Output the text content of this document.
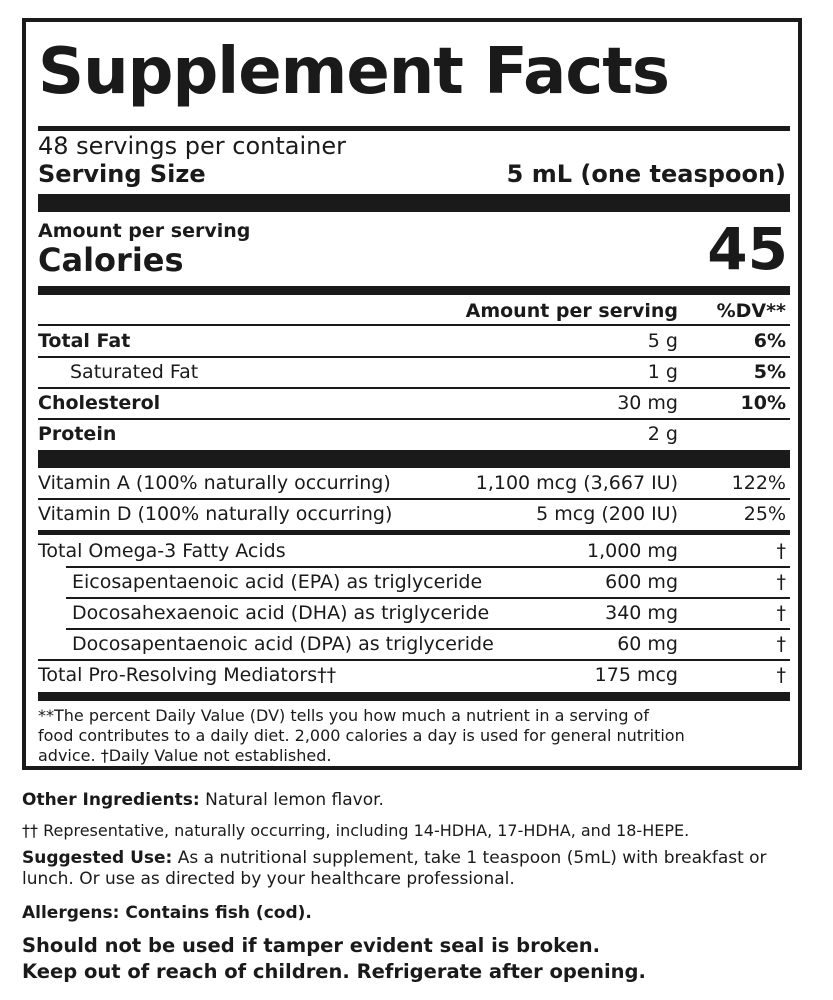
Supplement Facts
48 servings per container
Serving Size	5 mL (one teaspoon)
Amount per serving
Calories	45
Amount per serving %DV**
Total Fat	5 g	6%
Saturated Fat	1 g	5%
Cholesterol	30 mg	10%
Protein	2 g
Vitamin A (100% naturally occurring)	1,100 mcg (3,667 IU)	122%
Vitamin D (100% naturally occurring)	5 mcg (200 IU)	25%
Total Omega-3 Fatty Acids	1,000 mg	†
Eicosapentaenoic acid (EPA) as triglyceride	600 mg	†
Docosahexaenoic acid (DHA) as triglyceride	340 mg	†
Docosapentaenoic acid (DPA) as triglyceride	60 mg	†
Total Pro-Resolving Mediators††	175 mcg	†
**The percent Daily Value (DV) tells you how much a nutrient in a serving of
food contributes to a daily diet. 2,000 calories a day is used for general nutrition
advice. †Daily Value not established.
Other Ingredients: Natural lemon flavor.
†† Representative, naturally occurring, including 14-HDHA, 17-HDHA, and 18-HEPE.
Suggested Use: As a nutritional supplement, take 1 teaspoon (5mL) with breakfast or lunch. Or use as directed by your healthcare professional.
Allergens: Contains fish (cod).
Should not be used if tamper evident seal is broken.
Keep out of reach of children. Refrigerate after opening.
